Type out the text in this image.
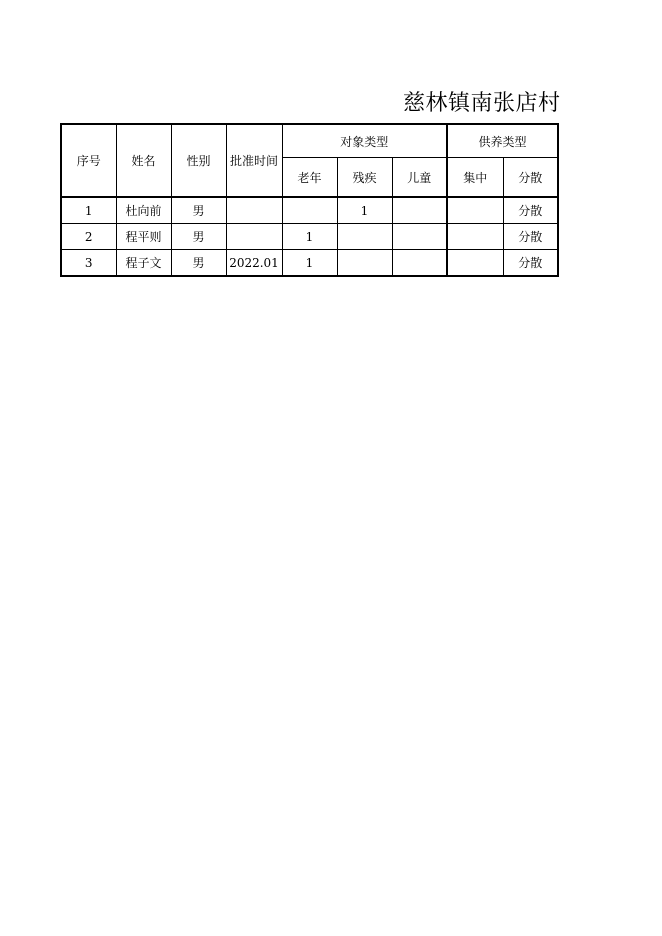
慈林镇南张店村
序号	姓名	性别	批准时间	对象类型			供养类型	
				老年	残疾	儿童	集中	分散
1	杜向前	男			1			分散
2	程平则	男		1				分散
3	程子文	男	2022.01	1				分散
